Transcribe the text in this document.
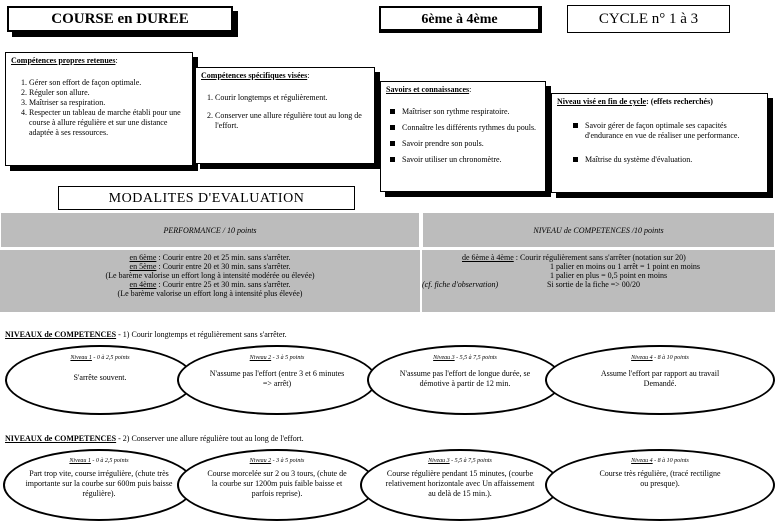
COURSE en DUREE	6ème à 4ème	CYCLE n° 1 à 3
Compétences propres retenues:
1. Gérer son effort de façon optimale.
2. Réguler son allure.
3. Maîtriser sa respiration.
4. Respecter un tableau de marche établi pour une course à allure régulière et sur une distance adaptée à ses ressources.
Compétences spécifiques visées:
1. Courir longtemps et régulièrement.
2. Conserver une allure régulière tout au long de l'effort.
Savoirs et connaissances:
Maîtriser son rythme respiratoire.
Connaître les différents rythmes du pouls.
Savoir prendre son pouls.
Savoir utiliser un chronomètre.
Niveau visé en fin de cycle: (effets recherchés)
Savoir gérer de façon optimale ses capacités d'endurance en vue de réaliser une performance.
Maîtrise du système d'évaluation.
MODALITES D'EVALUATION
PERFORMANCE / 10 points	NIVEAU de COMPETENCES /10 points
en 6ème : Courir entre 20 et 25 min. sans s'arrêter.
en 5ème : Courir entre 20 et 30 min. sans s'arrêter.
(Le barème valorise un effort long à intensité modérée ou élevée)
en 4ème : Courir entre 25 et 30 min. sans s'arrêter.
(Le barème valorise un effort long à intensité plus élevée)
de 6ème à 4ème : Courir régulièrement sans s'arrêter (notation sur 20)
1 palier en moins ou 1 arrêt = 1 point en moins
1 palier en plus = 0,5 point en moins
(cf. fiche d'observation)	Si sortie de la fiche => 00/20
NIVEAUX de COMPETENCES - 1) Courir longtemps et régulièrement sans s'arrêter.
Niveau 1 - 0 à 2,5 points
S'arrête souvent.
Niveau 2 - 3 à 5 points
N'assume pas l'effort (entre 3 et 6 minutes => arrêt)
Niveau 3 - 5,5 à 7,5 points
N'assume pas l'effort de longue durée, se démotive à partir de 12 min.
Niveau 4 - 8 à 10 points
Assume l'effort par rapport au travail Demandé.
NIVEAUX de COMPETENCES - 2) Conserver une allure régulière tout au long de l'effort.
Niveau 1 - 0 à 2,5 points
Part trop vite, course irrégulière, (chute très importante sur la courbe sur 600m puis baisse régulière).
Niveau 2 - 3 à 5 points
Course morcelée sur 2 ou 3 tours, (chute de la courbe sur 1200m puis faible baisse et parfois reprise).
Niveau 3 - 5,5 à 7,5 points
Course régulière pendant 15 minutes, (courbe relativement horizontale avec Un affaissement au delà de 15 min.).
Niveau 4 - 8 à 10 points
Course très régulière, (tracé rectiligne ou presque).
